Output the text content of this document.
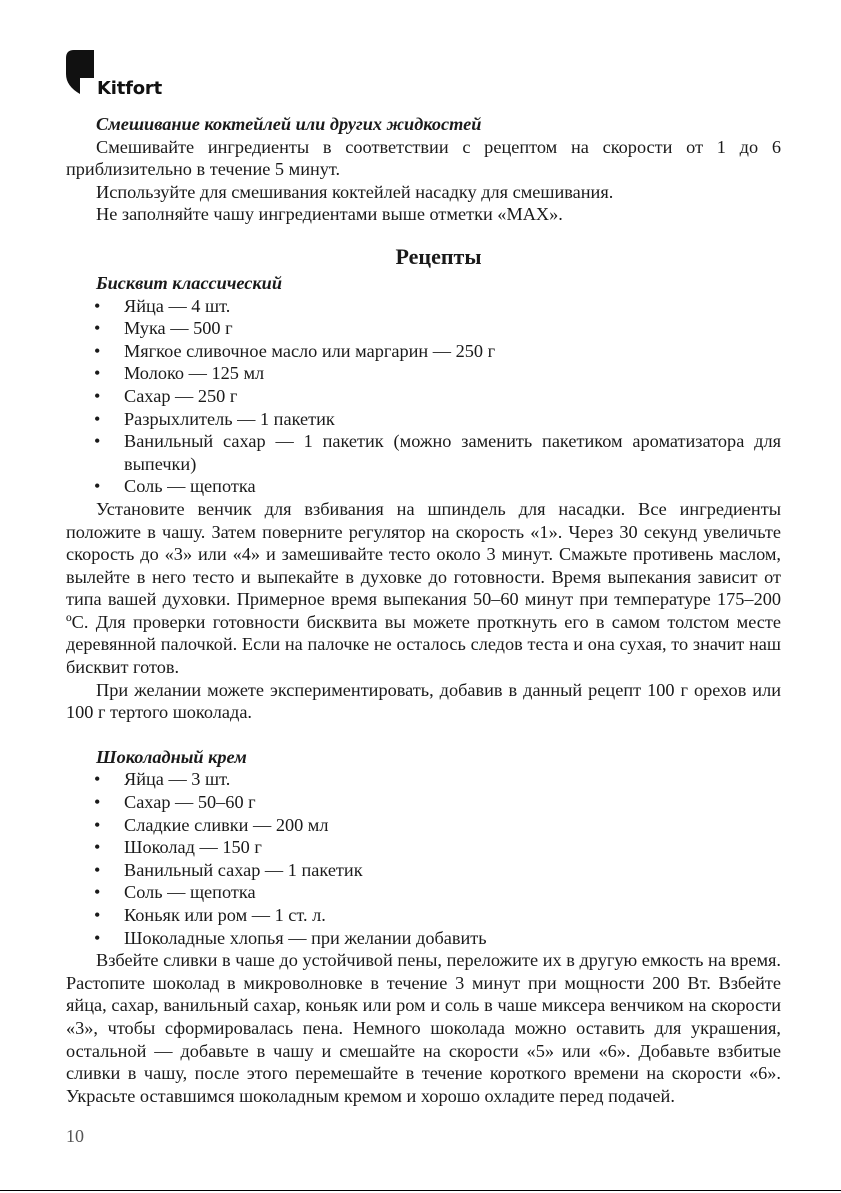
Kitfort

Смешивание коктейлей или других жидкостей

Смешивайте ингредиенты в соответствии с рецептом на скорости от 1 до 6 приблизительно в течение 5 минут.

Используйте для смешивания коктейлей насадку для смешивания.

Не заполняйте чашу ингредиентами выше отметки «MAX».

Рецепты

Бисквит классический

• Яйца — 4 шт.
• Мука — 500 г
• Мягкое сливочное масло или маргарин — 250 г
• Молоко — 125 мл
• Сахар — 250 г
• Разрыхлитель — 1 пакетик
• Ванильный сахар — 1 пакетик (можно заменить пакетиком ароматизатора для выпечки)
• Соль — щепотка

Установите венчик для взбивания на шпиндель для насадки. Все ингредиенты положите в чашу. Затем поверните регулятор на скорость «1». Через 30 секунд увеличьте скорость до «3» или «4» и замешивайте тесто около 3 минут. Смажьте противень маслом, вылейте в него тесто и выпекайте в духовке до готовности. Время выпекания зависит от типа вашей духовки. Примерное время выпекания 50–60 минут при температуре 175–200 ºС. Для проверки готовности бисквита вы можете проткнуть его в самом толстом месте деревянной палочкой. Если на палочке не осталось следов теста и она сухая, то значит наш бисквит готов.

При желании можете экспериментировать, добавив в данный рецепт 100 г орехов или 100 г тертого шоколада.

Шоколадный крем

• Яйца — 3 шт.
• Сахар — 50–60 г
• Сладкие сливки — 200 мл
• Шоколад — 150 г
• Ванильный сахар — 1 пакетик
• Соль — щепотка
• Коньяк или ром — 1 ст. л.
• Шоколадные хлопья — при желании добавить

Взбейте сливки в чаше до устойчивой пены, переложите их в другую емкость на время. Растопите шоколад в микроволновке в течение 3 минут при мощности 200 Вт. Взбейте яйца, сахар, ванильный сахар, коньяк или ром и соль в чаше миксера венчиком на скорости «3», чтобы сформировалась пена. Немного шоколада можно оставить для украшения, остальной — добавьте в чашу и смешайте на скорости «5» или «6». Добавьте взбитые сливки в чашу, после этого перемешайте в течение короткого времени на скорости «6». Украсьте оставшимся шоколадным кремом и хорошо охладите перед подачей.

10
